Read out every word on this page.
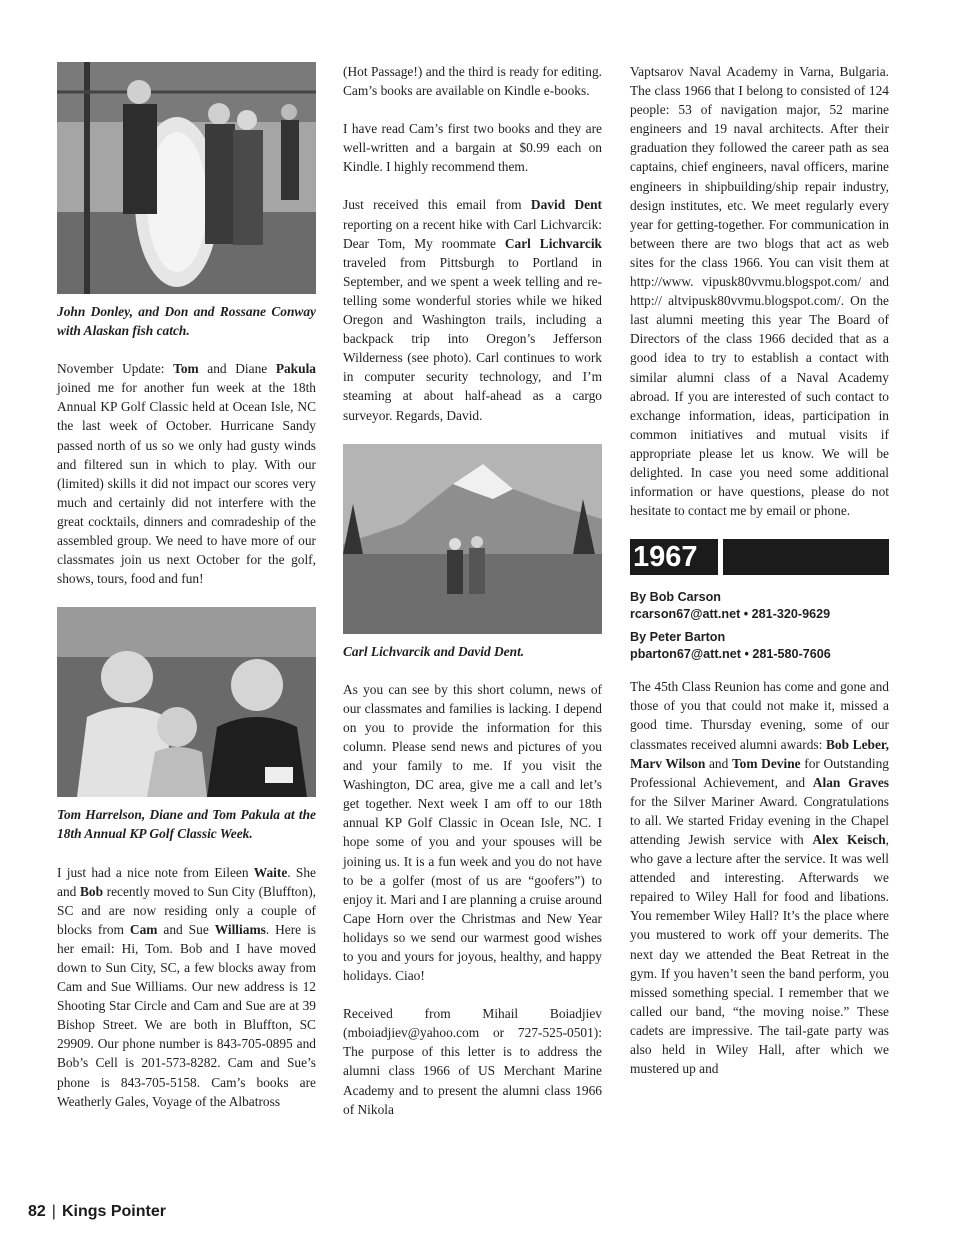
John Donley, and Don and Rossane Conway with Alaskan fish catch.

November Update: Tom and Diane Pakula joined me for another fun week at the 18th Annual KP Golf Classic held at Ocean Isle, NC the last week of October. Hurricane Sandy passed north of us so we only had gusty winds and filtered sun in which to play. With our (limited) skills it did not impact our scores very much and certainly did not interfere with the great cocktails, dinners and comradeship of the assembled group. We need to have more of our classmates join us next October for the golf, shows, tours, food and fun!

Tom Harrelson, Diane and Tom Pakula at the 18th Annual KP Golf Classic Week.

I just had a nice note from Eileen Waite. She and Bob recently moved to Sun City (Bluffton), SC and are now residing only a couple of blocks from Cam and Sue Williams. Here is her email: Hi, Tom. Bob and I have moved down to Sun City, SC, a few blocks away from Cam and Sue Williams. Our new address is 12 Shooting Star Circle and Cam and Sue are at 39 Bishop Street. We are both in Bluffton, SC 29909. Our phone number is 843-705-0895 and Bob’s Cell is 201-573-8282. Cam and Sue’s phone is 843-705-5158. Cam’s books are Weatherly Gales, Voyage of the Albatross

(Hot Passage!) and the third is ready for editing. Cam’s books are available on Kindle e-books.

I have read Cam’s first two books and they are well-written and a bargain at $0.99 each on Kindle. I highly recommend them.

Just received this email from David Dent reporting on a recent hike with Carl Lichvarcik: Dear Tom, My roommate Carl Lichvarcik traveled from Pittsburgh to Portland in September, and we spent a week telling and re-telling some wonderful stories while we hiked Oregon and Washington trails, including a backpack trip into Oregon’s Jefferson Wilderness (see photo). Carl continues to work in computer security technology, and I’m steaming at about half-ahead as a cargo surveyor. Regards, David.

Carl Lichvarcik and David Dent.

As you can see by this short column, news of our classmates and families is lacking. I depend on you to provide the information for this column. Please send news and pictures of you and your family to me. If you visit the Washington, DC area, give me a call and let’s get together. Next week I am off to our 18th annual KP Golf Classic in Ocean Isle, NC. I hope some of you and your spouses will be joining us. It is a fun week and you do not have to be a golfer (most of us are “goofers”) to enjoy it. Mari and I are planning a cruise around Cape Horn over the Christmas and New Year holidays so we send our warmest good wishes to you and yours for joyous, healthy, and happy holidays. Ciao!

Received from Mihail Boiadjiev (mboiadjiev@yahoo.com or 727-525-0501): The purpose of this letter is to address the alumni class 1966 of US Merchant Marine Academy and to present the alumni class 1966 of Nikola

Vaptsarov Naval Academy in Varna, Bulgaria. The class 1966 that I belong to consisted of 124 people: 53 of navigation major, 52 marine engineers and 19 naval architects. After their graduation they followed the career path as sea captains, chief engineers, naval officers, marine engineers in shipbuilding/ship repair industry, design institutes, etc. We meet regularly every year for getting-together. For communication in between there are two blogs that act as web sites for the class 1966. You can visit them at http://www. vipusk80vvmu.blogspot.com/ and http:// altvipusk80vvmu.blogspot.com/. On the last alumni meeting this year The Board of Directors of the class 1966 decided that as a good idea to try to establish a contact with similar alumni class of a Naval Academy abroad. If you are interested of such contact to exchange information, ideas, participation in common initiatives and mutual visits if appropriate please let us know. We will be delighted. In case you need some additional information or have questions, please do not hesitate to contact me by email or phone.

1967
By Bob Carson
rcarson67@att.net • 281-320-9629
By Peter Barton
pbarton67@att.net • 281-580-7606

The 45th Class Reunion has come and gone and those of you that could not make it, missed a good time. Thursday evening, some of our classmates received alumni awards: Bob Leber, Marv Wilson and Tom Devine for Outstanding Professional Achievement, and Alan Graves for the Silver Mariner Award. Congratulations to all. We started Friday evening in the Chapel attending Jewish service with Alex Keisch, who gave a lecture after the service. It was well attended and interesting. Afterwards we repaired to Wiley Hall for food and libations. You remember Wiley Hall? It’s the place where you mustered to work off your demerits. The next day we attended the Beat Retreat in the gym. If you haven’t seen the band perform, you missed something special. I remember that we called our band, “the moving noise.” These cadets are impressive. The tail-gate party was also held in Wiley Hall, after which we mustered up and

82 | Kings Pointer
